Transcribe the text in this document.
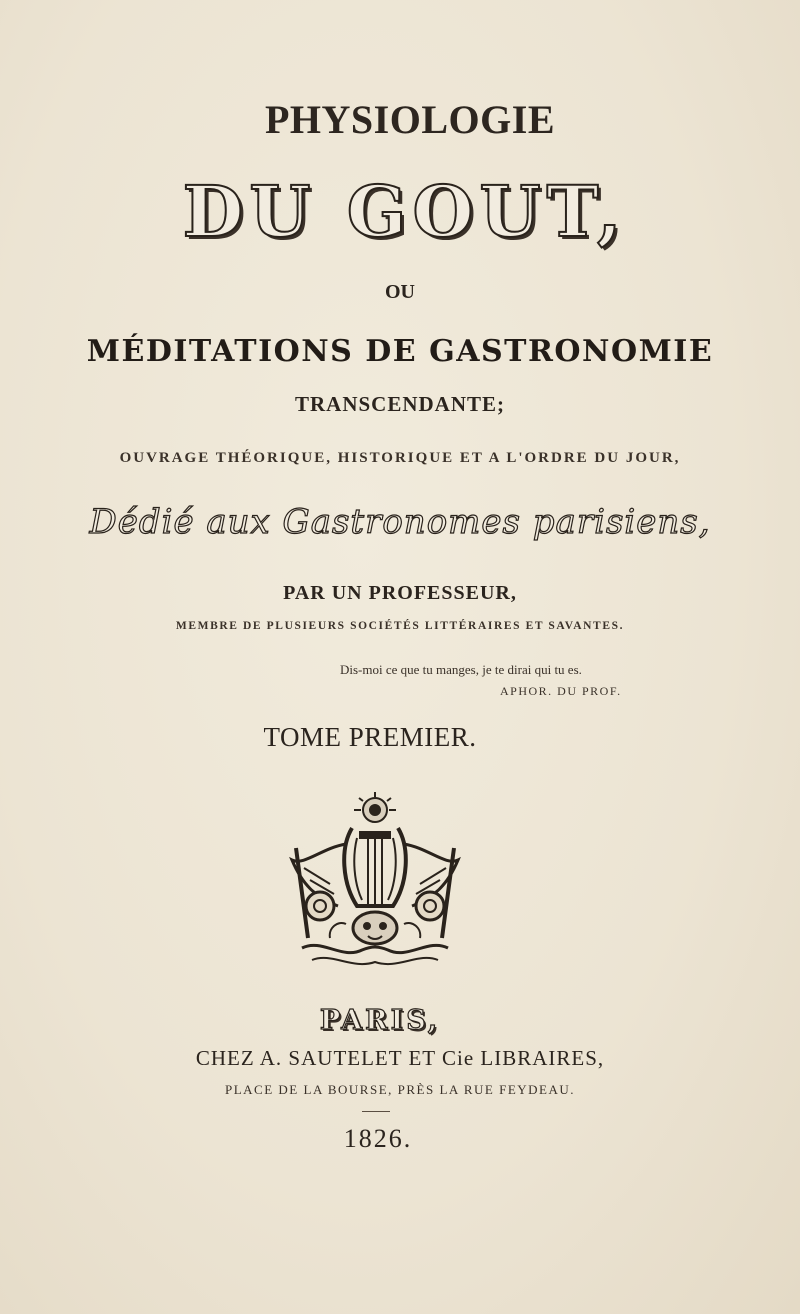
PHYSIOLOGIE
DU GOUT,
OU
MÉDITATIONS DE GASTRONOMIE
TRANSCENDANTE;
OUVRAGE THÉORIQUE, HISTORIQUE ET A L'ORDRE DU JOUR,
Dédié aux Gastronomes parisiens,
PAR UN PROFESSEUR,
MEMBRE DE PLUSIEURS SOCIÉTÉS LITTÉRAIRES ET SAVANTES.
Dis-moi ce que tu manges, je te dirai qui tu es.
APHOR. DU PROF.
TOME PREMIER.
PARIS,
CHEZ A. SAUTELET ET Cie LIBRAIRES,
PLACE DE LA BOURSE, PRÈS LA RUE FEYDEAU.
1826.
